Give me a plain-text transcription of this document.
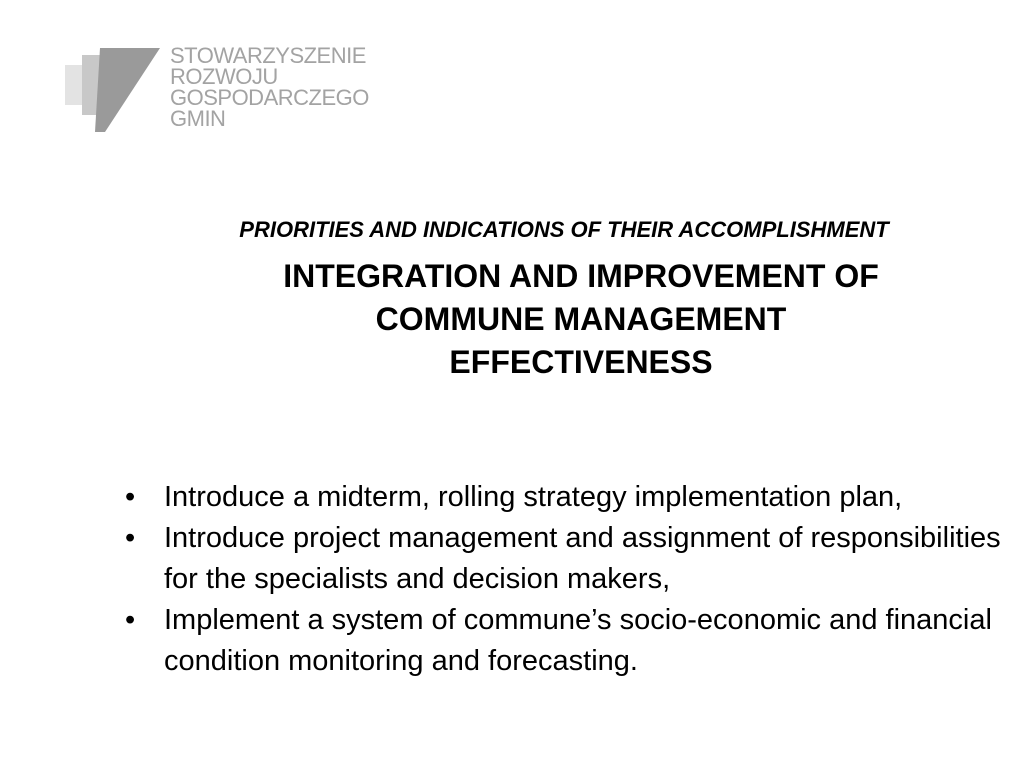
STOWARZYSZENIE
ROZWOJU
GOSPODARCZEGO
GMIN
PRIORITIES AND INDICATIONS OF THEIR ACCOMPLISHMENT
INTEGRATION AND IMPROVEMENT OF
COMMUNE MANAGEMENT
EFFECTIVENESS
• Introduce a midterm, rolling strategy implementation plan,
• Introduce project management and assignment of responsibilities for the specialists and decision makers,
• Implement a system of commune’s socio-economic and financial condition monitoring and forecasting.
